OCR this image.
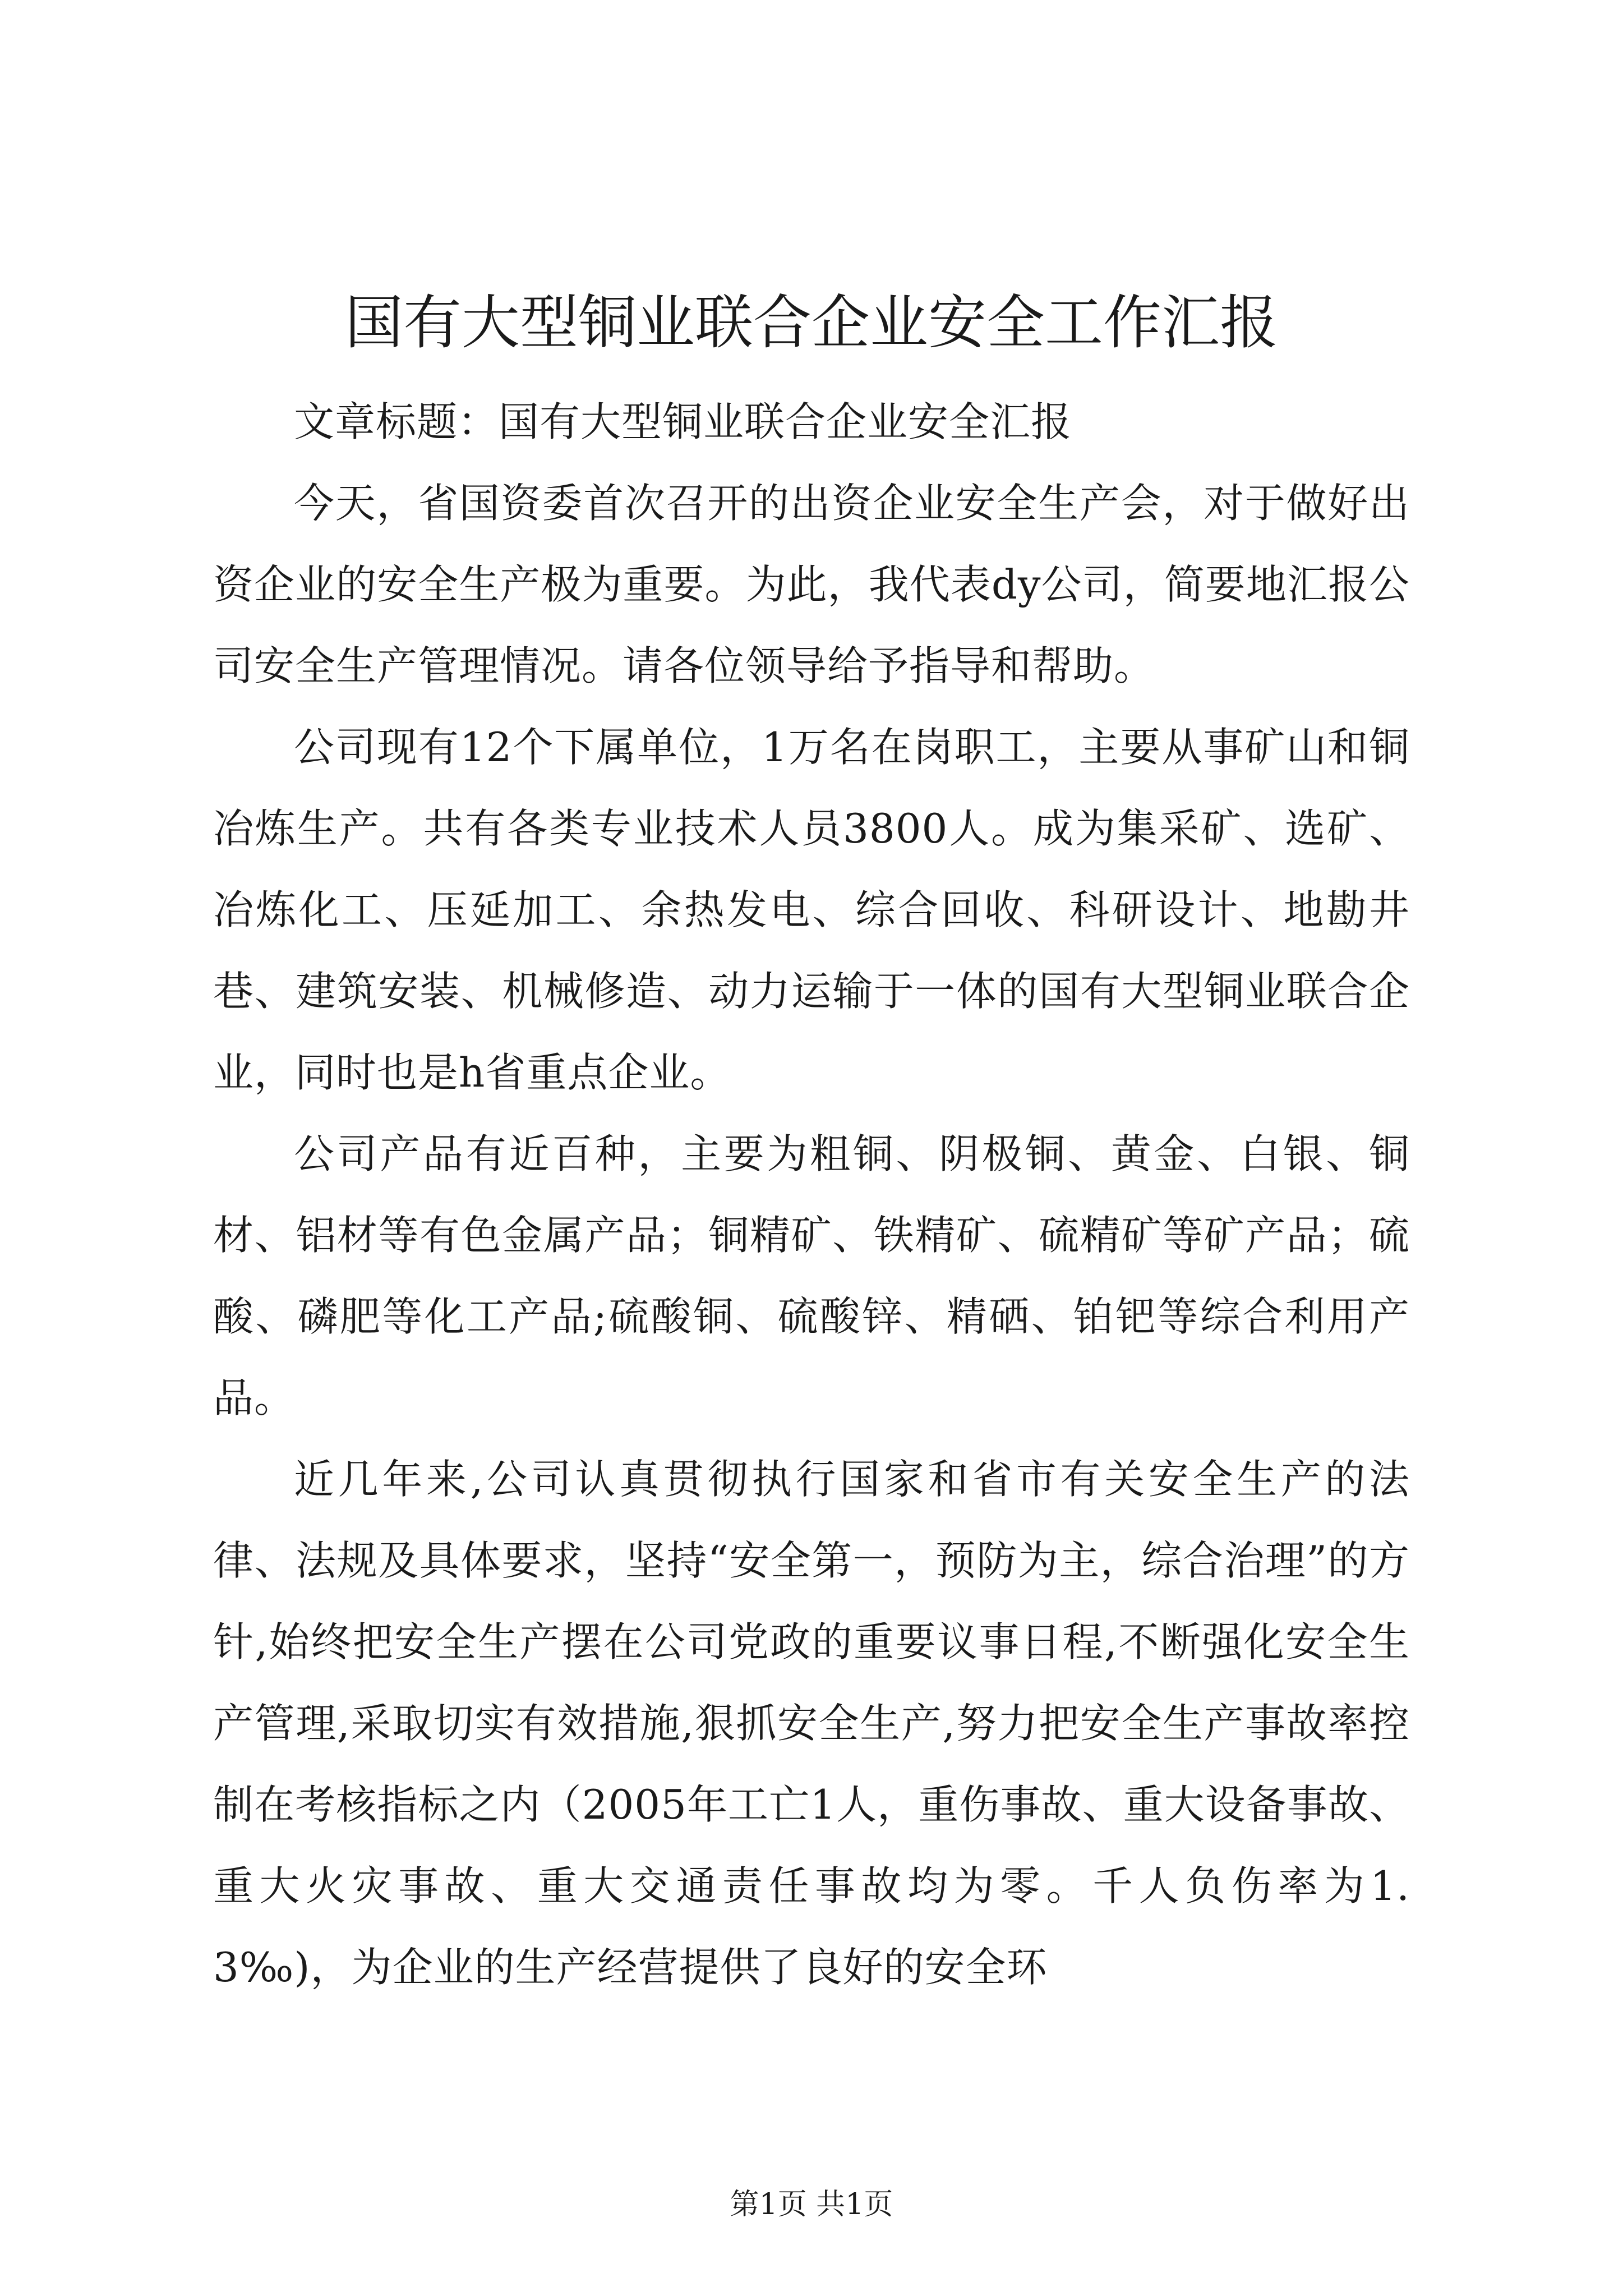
国有大型铜业联合企业安全工作汇报

文章标题：国有大型铜业联合企业安全汇报

今天，省国资委首次召开的出资企业安全生产会，对于做好出资企业的安全生产极为重要。为此，我代表dy公司，简要地汇报公司安全生产管理情况。请各位领导给予指导和帮助。

公司现有12个下属单位，1万名在岗职工，主要从事矿山和铜冶炼生产。共有各类专业技术人员3800人。成为集采矿、选矿、冶炼化工、压延加工、余热发电、综合回收、科研设计、地勘井巷、建筑安装、机械修造、动力运输于一体的国有大型铜业联合企业，同时也是h省重点企业。

公司产品有近百种，主要为粗铜、阴极铜、黄金、白银、铜材、铝材等有色金属产品；铜精矿、铁精矿、硫精矿等矿产品；硫酸、磷肥等化工产品;硫酸铜、硫酸锌、精硒、铂钯等综合利用产品。

近几年来,公司认真贯彻执行国家和省市有关安全生产的法律、法规及具体要求，坚持“安全第一，预防为主，综合治理”的方针,始终把安全生产摆在公司党政的重要议事日程,不断强化安全生产管理,采取切实有效措施,狠抓安全生产,努力把安全生产事故率控制在考核指标之内（2005年工亡1人，重伤事故、重大设备事故、重大火灾事故、重大交通责任事故均为零。千人负伤率为1.3‰)，为企业的生产经营提供了良好的安全环

第1页 共1页
